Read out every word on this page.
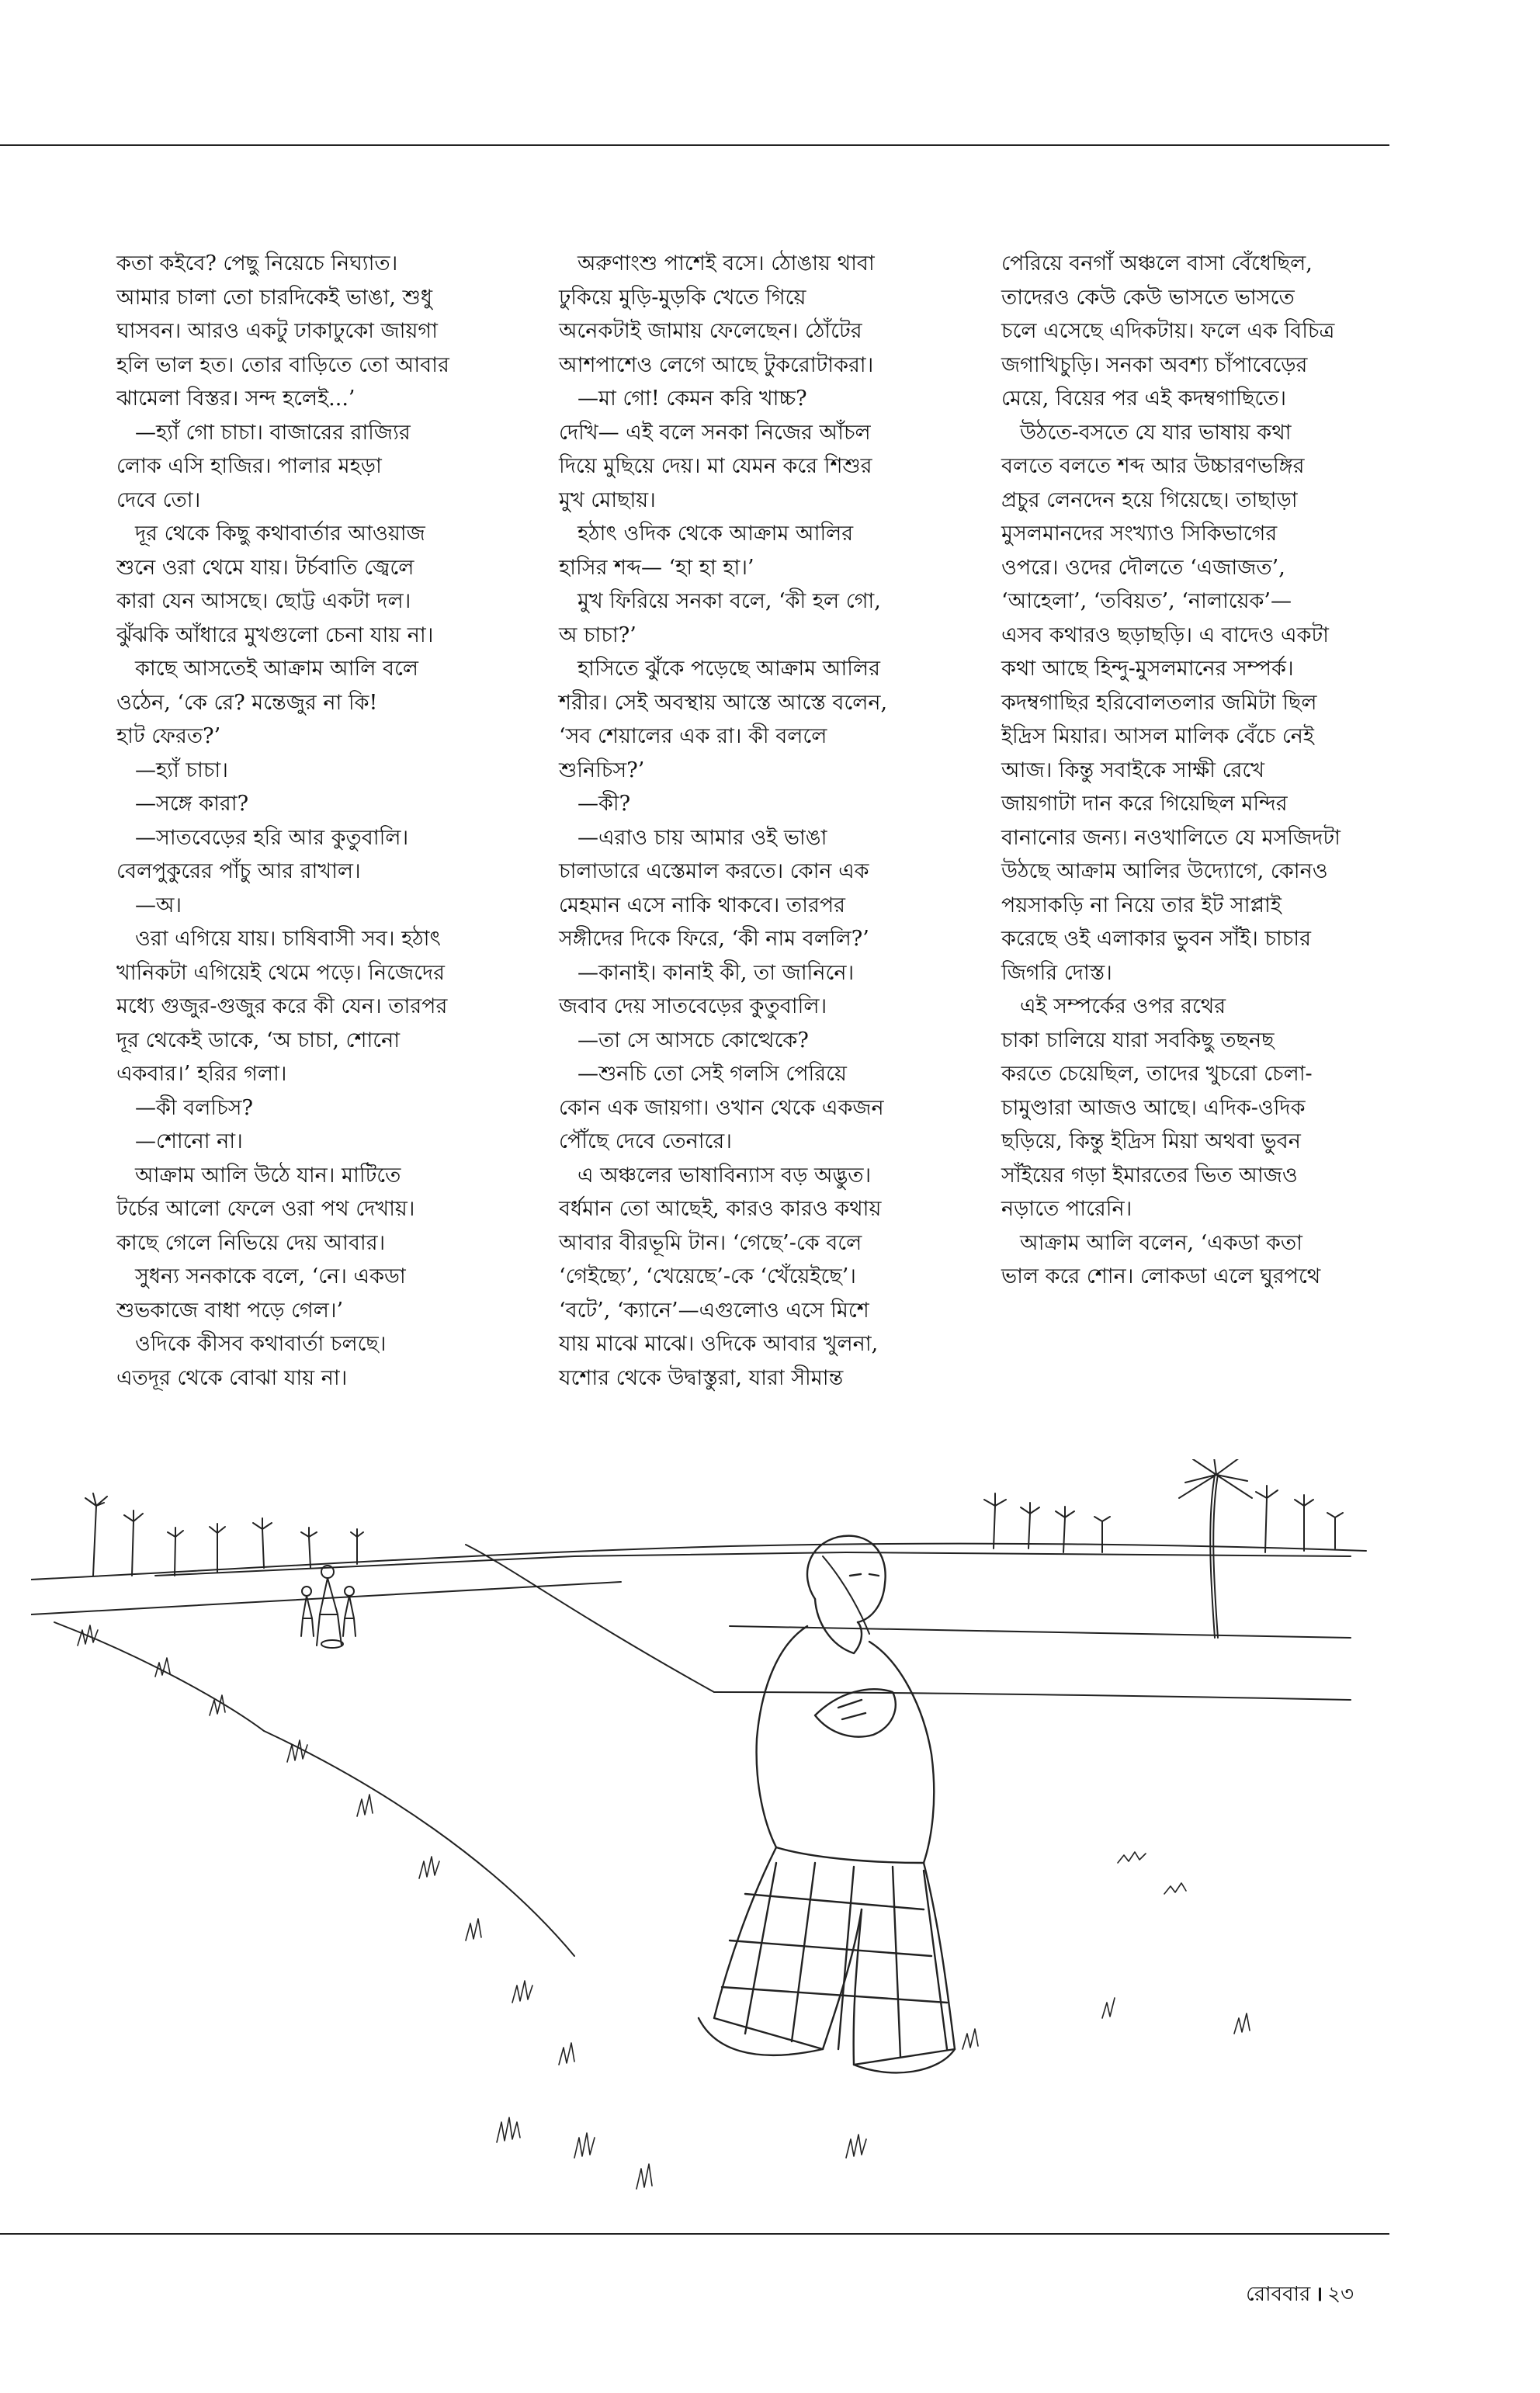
কতা কইবে? পেছু নিয়েচে নিঘ্যাত।

আমার চালা তো চারদিকেই ভাঙা, শুধু

ঘাসবন। আরও একটু ঢাকাঢুকো জায়গা

হলি ভাল হত। তোর বাড়িতে তো আবার

ঝামেলা বিস্তর। সন্দ হলেই...’

—হ্যাঁ গো চাচা। বাজারের রাজ্যির

লোক এসি হাজির। পালার মহড়া

দেবে তো।

দূর থেকে কিছু কথাবার্তার আওয়াজ

শুনে ওরা থেমে যায়। টর্চবাতি জ্বেলে

কারা যেন আসছে। ছোট্ট একটা দল।

ঝুঁঝকি আঁধারে মুখগুলো চেনা যায় না।

কাছে আসতেই আক্রাম আলি বলে

ওঠেন, ‘কে রে? মন্তেজুর না কি!

হাট ফেরত?’

—হ্যাঁ চাচা।

—সঙ্গে কারা?

—সাতবেড়ের হরি আর কুতুবালি।

বেলপুকুরের পাঁচু আর রাখাল।

—অ।

ওরা এগিয়ে যায়। চাষিবাসী সব। হঠাৎ

খানিকটা এগিয়েই থেমে পড়ে। নিজেদের

মধ্যে গুজুর-গুজুর করে কী যেন। তারপর

দূর থেকেই ডাকে, ‘অ চাচা, শোনো

একবার।’ হরির গলা।

—কী বলচিস?

—শোনো না।

আক্রাম আলি উঠে যান। মাটিতে

টর্চের আলো ফেলে ওরা পথ দেখায়।

কাছে গেলে নিভিয়ে দেয় আবার।

সুধন্য সনকাকে বলে, ‘নে। একডা

শুভকাজে বাধা পড়ে গেল।’

ওদিকে কীসব কথাবার্তা চলছে।

এতদূর থেকে বোঝা যায় না।

অরুণাংশু পাশেই বসে। ঠোঙায় থাবা

ঢুকিয়ে মুড়ি-মুড়কি খেতে গিয়ে

অনেকটাই জামায় ফেলেছেন। ঠোঁটের

আশপাশেও লেগে আছে টুকরোটাকরা।

—মা গো! কেমন করি খাচ্চ?

দেখি— এই বলে সনকা নিজের আঁচল

দিয়ে মুছিয়ে দেয়। মা যেমন করে শিশুর

মুখ মোছায়।

হঠাৎ ওদিক থেকে আক্রাম আলির

হাসির শব্দ— ‘হা হা হা।’

মুখ ফিরিয়ে সনকা বলে, ‘কী হল গো,

অ চাচা?’

হাসিতে ঝুঁকে পড়েছে আক্রাম আলির

শরীর। সেই অবস্থায় আস্তে আস্তে বলেন,

‘সব শেয়ালের এক রা। কী বললে

শুনিচিস?’

—কী?

—এরাও চায় আমার ওই ভাঙা

চালাডারে এস্তেমাল করতে। কোন এক

মেহমান এসে নাকি থাকবে। তারপর

সঙ্গীদের দিকে ফিরে, ‘কী নাম বললি?’

—কানাই। কানাই কী, তা জানিনে।

জবাব দেয় সাতবেড়ের কুতুবালি।

—তা সে আসচে কোত্থেকে?

—শুনচি তো সেই গলসি পেরিয়ে

কোন এক জায়গা। ওখান থেকে একজন

পৌঁছে দেবে তেনারে।

এ অঞ্চলের ভাষাবিন্যাস বড় অদ্ভুত।

বর্ধমান তো আছেই, কারও কারও কথায়

আবার বীরভূমি টান। ‘গেছে’-কে বলে

‘গেইছ্যে’, ‘খেয়েছে’-কে ‘খেঁয়েইছে’।

‘বটে’, ‘ক্যানে’—এগুলোও এসে মিশে

যায় মাঝে মাঝে। ওদিকে আবার খুলনা,

যশোর থেকে উদ্বাস্তুরা, যারা সীমান্ত

পেরিয়ে বনগাঁ অঞ্চলে বাসা বেঁধেছিল,

তাদেরও কেউ কেউ ভাসতে ভাসতে

চলে এসেছে এদিকটায়। ফলে এক বিচিত্র

জগাখিচুড়ি। সনকা অবশ্য চাঁপাবেড়ের

মেয়ে, বিয়ের পর এই কদম্বগাছিতে।

উঠতে-বসতে যে যার ভাষায় কথা

বলতে বলতে শব্দ আর উচ্চারণভঙ্গির

প্রচুর লেনদেন হয়ে গিয়েছে। তাছাড়া

মুসলমানদের সংখ্যাও সিকিভাগের

ওপরে। ওদের দৌলতে ‘এজাজত’,

‘আহেলা’, ‘তবিয়ত’, ‘নালায়েক’—

এসব কথারও ছড়াছড়ি। এ বাদেও একটা

কথা আছে হিন্দু-মুসলমানের সম্পর্ক।

কদম্বগাছির হরিবোলতলার জমিটা ছিল

ইদ্রিস মিয়ার। আসল মালিক বেঁচে নেই

আজ। কিন্তু সবাইকে সাক্ষী রেখে

জায়গাটা দান করে গিয়েছিল মন্দির

বানানোর জন্য। নওখালিতে যে মসজিদটা

উঠছে আক্রাম আলির উদ্যোগে, কোনও

পয়সাকড়ি না নিয়ে তার ইট সাপ্লাই

করেছে ওই এলাকার ভুবন সাঁই। চাচার

জিগরি দোস্ত।

এই সম্পর্কের ওপর রথের

চাকা চালিয়ে যারা সবকিছু তছনছ

করতে চেয়েছিল, তাদের খুচরো চেলা-

চামুণ্ডারা আজও আছে। এদিক-ওদিক

ছড়িয়ে, কিন্তু ইদ্রিস মিয়া অথবা ভুবন

সাঁইয়ের গড়া ইমারতের ভিত আজও

নড়াতে পারেনি।

আক্রাম আলি বলেন, ‘একডা কতা

ভাল করে শোন। লোকডা এলে ঘুরপথে

রোববার । ২৩
